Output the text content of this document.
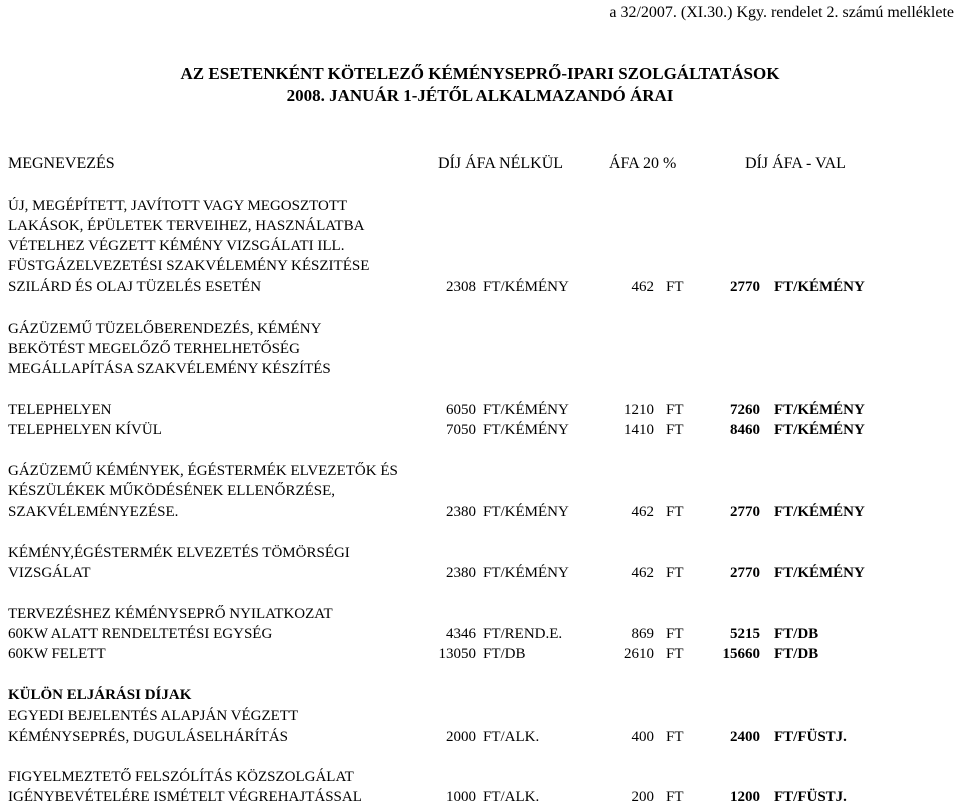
a 32/2007. (XI.30.) Kgy. rendelet 2. számú melléklete
AZ ESETENKÉNT KÖTELEZŐ KÉMÉNYSEPRŐ-IPARI SZOLGÁLTATÁSOK
2008. JANUÁR 1-JÉTŐL ALKALMAZANDÓ ÁRAI
MEGNEVEZÉS	DÍJ ÁFA NÉLKÜL	ÁFA 20 %	DÍJ ÁFA - VAL
ÚJ, MEGÉPÍTETT, JAVÍTOTT VAGY MEGOSZTOTT
LAKÁSOK, ÉPÜLETEK TERVEIHEZ, HASZNÁLATBA
VÉTELHEZ VÉGZETT KÉMÉNY VIZSGÁLATI ILL.
FÜSTGÁZELVEZETÉSI SZAKVÉLEMÉNY KÉSZITÉSE
SZILÁRD ÉS OLAJ TÜZELÉS ESETÉN	2308 FT/KÉMÉNY	462 FT	2770 FT/KÉMÉNY
GÁZÜZEMŰ TÜZELŐBERENDEZÉS, KÉMÉNY
BEKÖTÉST MEGELŐZŐ TERHELHETŐSÉG
MEGÁLLAPÍTÁSA SZAKVÉLEMÉNY KÉSZÍTÉS
TELEPHELYEN	6050 FT/KÉMÉNY	1210 FT	7260 FT/KÉMÉNY
TELEPHELYEN KÍVÜL	7050 FT/KÉMÉNY	1410 FT	8460 FT/KÉMÉNY
GÁZÜZEMŰ KÉMÉNYEK, ÉGÉSTERMÉK ELVEZETŐK ÉS
KÉSZÜLÉKEK MŰKÖDÉSÉNEK ELLENŐRZÉSE,
SZAKVÉLEMÉNYEZÉSE.	2380 FT/KÉMÉNY	462 FT	2770 FT/KÉMÉNY
KÉMÉNY,ÉGÉSTERMÉK ELVEZETÉS TÖMÖRSÉGI
VIZSGÁLAT	2380 FT/KÉMÉNY	462 FT	2770 FT/KÉMÉNY
TERVEZÉSHEZ KÉMÉNYSEPRŐ NYILATKOZAT
60KW ALATT RENDELTETÉSI EGYSÉG	4346 FT/REND.E.	869 FT	5215 FT/DB
60KW FELETT	13050 FT/DB	2610 FT	15660 FT/DB
KÜLÖN ELJÁRÁSI DÍJAK
EGYEDI BEJELENTÉS ALAPJÁN VÉGZETT
KÉMÉNYSEPRÉS, DUGULÁSELHÁRÍTÁS	2000 FT/ALK.	400 FT	2400 FT/FÜSTJ.
FIGYELMEZTETŐ FELSZÓLÍTÁS KÖZSZOLGÁLAT
IGÉNYBEVÉTELÉRE ISMÉTELT VÉGREHAJTÁSSAL	1000 FT/ALK.	200 FT	1200 FT/FÜSTJ.
